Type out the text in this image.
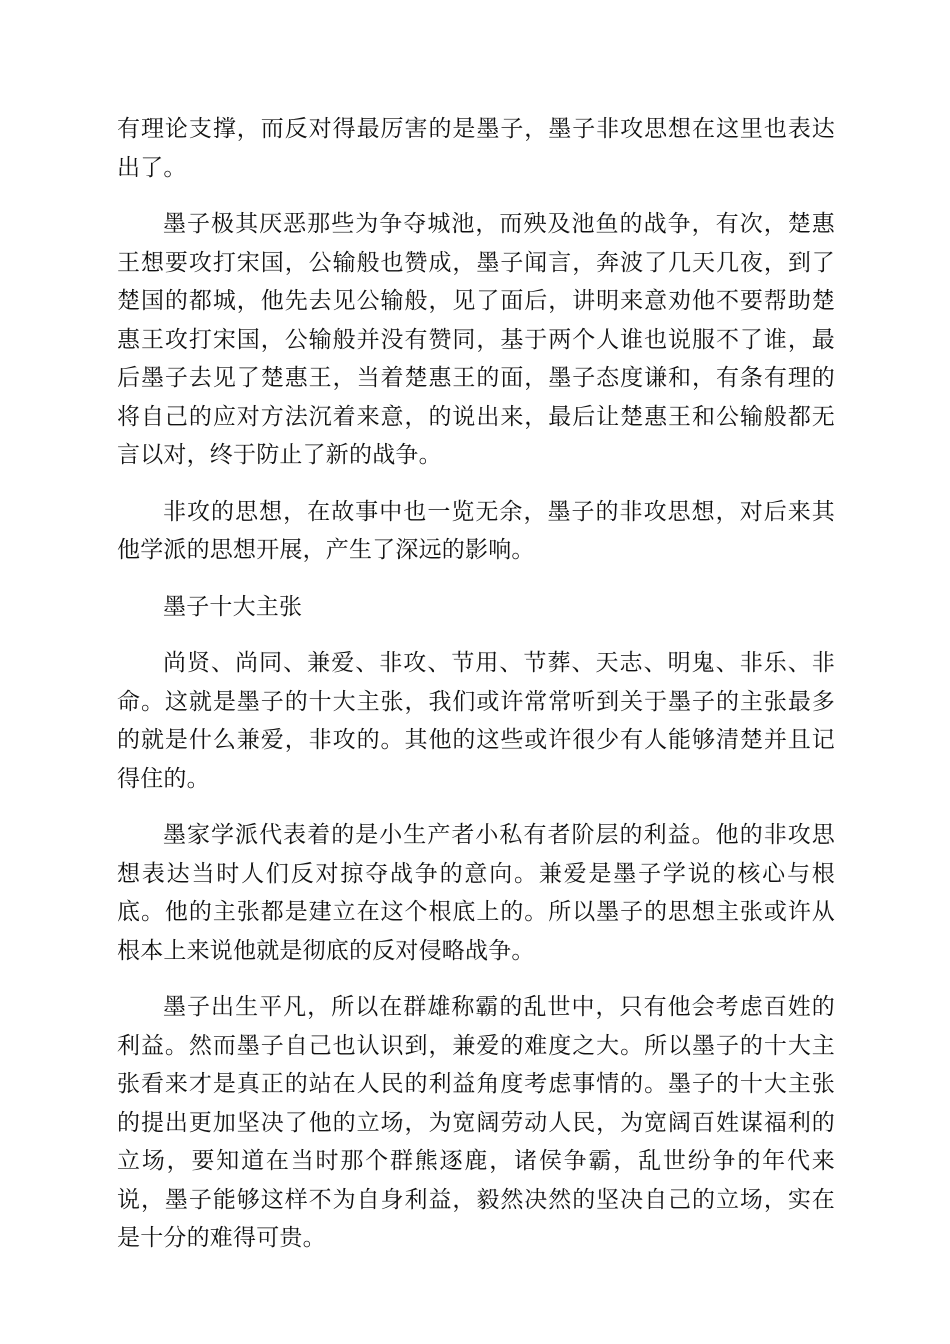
有理论支撑，而反对得最厉害的是墨子，墨子非攻思想在这里也表达出了。

墨子极其厌恶那些为争夺城池，而殃及池鱼的战争，有次，楚惠王想要攻打宋国，公输般也赞成，墨子闻言，奔波了几天几夜，到了楚国的都城，他先去见公输般，见了面后，讲明来意劝他不要帮助楚惠王攻打宋国，公输般并没有赞同，基于两个人谁也说服不了谁，最后墨子去见了楚惠王，当着楚惠王的面，墨子态度谦和，有条有理的将自己的应对方法沉着来意，的说出来，最后让楚惠王和公输般都无言以对，终于防止了新的战争。

非攻的思想，在故事中也一览无余，墨子的非攻思想，对后来其他学派的思想开展，产生了深远的影响。

墨子十大主张

尚贤、尚同、兼爱、非攻、节用、节葬、天志、明鬼、非乐、非命。这就是墨子的十大主张，我们或许常常听到关于墨子的主张最多的就是什么兼爱，非攻的。其他的这些或许很少有人能够清楚并且记得住的。

墨家学派代表着的是小生产者小私有者阶层的利益。他的非攻思想表达当时人们反对掠夺战争的意向。兼爱是墨子学说的核心与根底。他的主张都是建立在这个根底上的。所以墨子的思想主张或许从根本上来说他就是彻底的反对侵略战争。

墨子出生平凡，所以在群雄称霸的乱世中，只有他会考虑百姓的利益。然而墨子自己也认识到，兼爱的难度之大。所以墨子的十大主张看来才是真正的站在人民的利益角度考虑事情的。墨子的十大主张的提出更加坚决了他的立场，为宽阔劳动人民，为宽阔百姓谋福利的立场，要知道在当时那个群熊逐鹿，诸侯争霸，乱世纷争的年代来说，墨子能够这样不为自身利益，毅然决然的坚决自己的立场，实在是十分的难得可贵。
